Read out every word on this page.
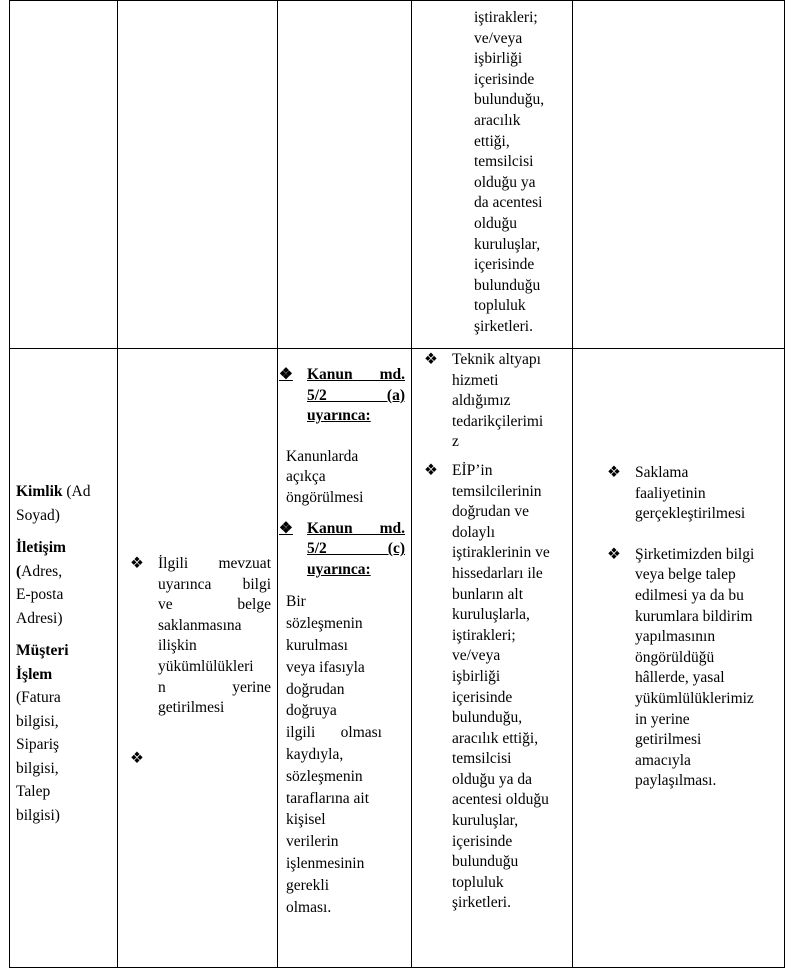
iştirakleri;
ve/veya
işbirliği
içerisinde
bulunduğu,
aracılık
ettiği,
temsilcisi
olduğu ya
da acentesi
olduğu
kuruluşlar,
içerisinde
bulunduğu
topluluk
şirketleri.
Kimlik (Ad
Soyad)
İletişim
(Adres,
E-posta
Adresi)
Müşteri
İşlem
(Fatura
bilgisi,
Sipariş
bilgisi,
Talep
bilgisi)
❖ İlgili mevzuat
uyarınca bilgi
ve belge
saklanmasına
ilişkin
yükümlülükleri
n yerine
getirilmesi
❖
❖ Kanun md.
5/2 (a)
uyarınca:
Kanunlarda
açıkça
öngörülmesi
❖ Kanun md.
5/2 (c)
uyarınca:
Bir
sözleşmenin
kurulması
veya ifasıyla
doğrudan
doğruya
ilgili olması
kaydıyla,
sözleşmenin
taraflarına ait
kişisel
verilerin
işlenmesinin
gerekli
olması.
❖ Teknik altyapı
hizmeti
aldığımız
tedarikçilerimi
z
❖ EİP’in
temsilcilerinin
doğrudan ve
dolaylı
iştiraklerinin ve
hissedarları ile
bunların alt
kuruluşlarla,
iştirakleri;
ve/veya
işbirliği
içerisinde
bulunduğu,
aracılık ettiği,
temsilcisi
olduğu ya da
acentesi olduğu
kuruluşlar,
içerisinde
bulunduğu
topluluk
şirketleri.
❖ Saklama
faaliyetinin
gerçekleştirilmesi
❖ Şirketimizden bilgi
veya belge talep
edilmesi ya da bu
kurumlara bildirim
yapılmasının
öngörüldüğü
hâllerde, yasal
yükümlülüklerimiz
in yerine
getirilmesi
amacıyla
paylaşılması.
